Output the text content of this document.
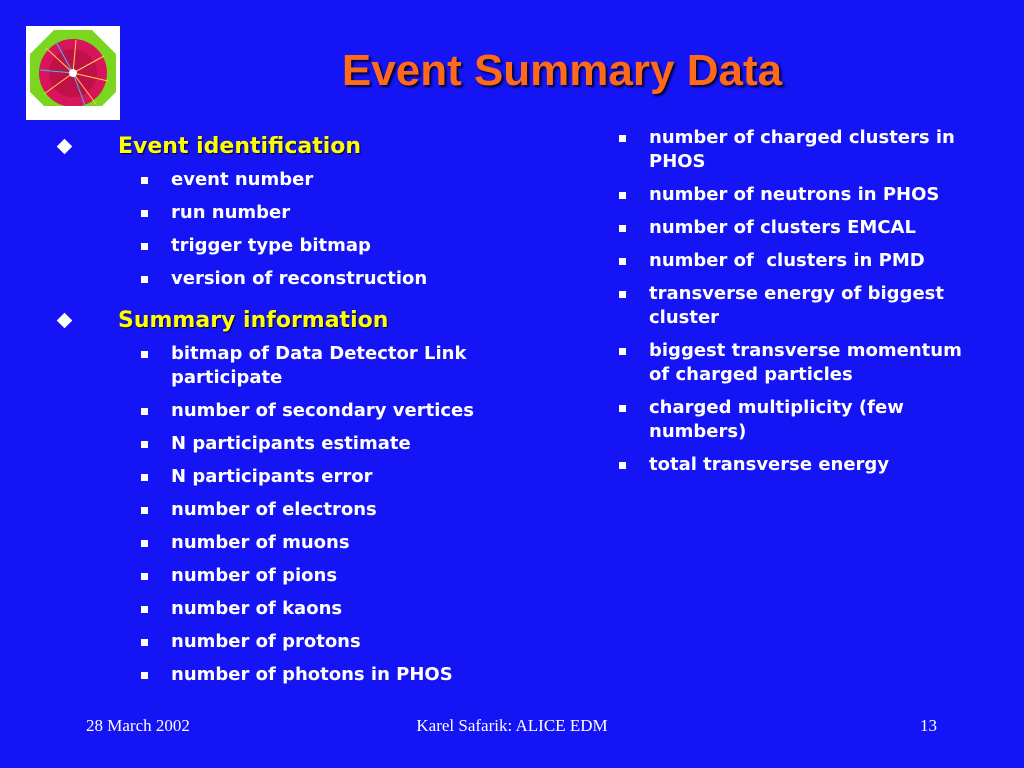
Event Summary Data
Event identification
event number
run number
trigger type bitmap
version of reconstruction
Summary information
bitmap of Data Detector Link participate
number of secondary vertices
N participants estimate
N participants error
number of electrons
number of muons
number of pions
number of kaons
number of protons
number of photons in PHOS
number of charged clusters in PHOS
number of neutrons in PHOS
number of clusters EMCAL
number of  clusters in PMD
transverse energy of biggest cluster
biggest transverse momentum of charged particles
charged multiplicity (few numbers)
total transverse energy
28 March 2002	Karel Safarik: ALICE EDM	13
